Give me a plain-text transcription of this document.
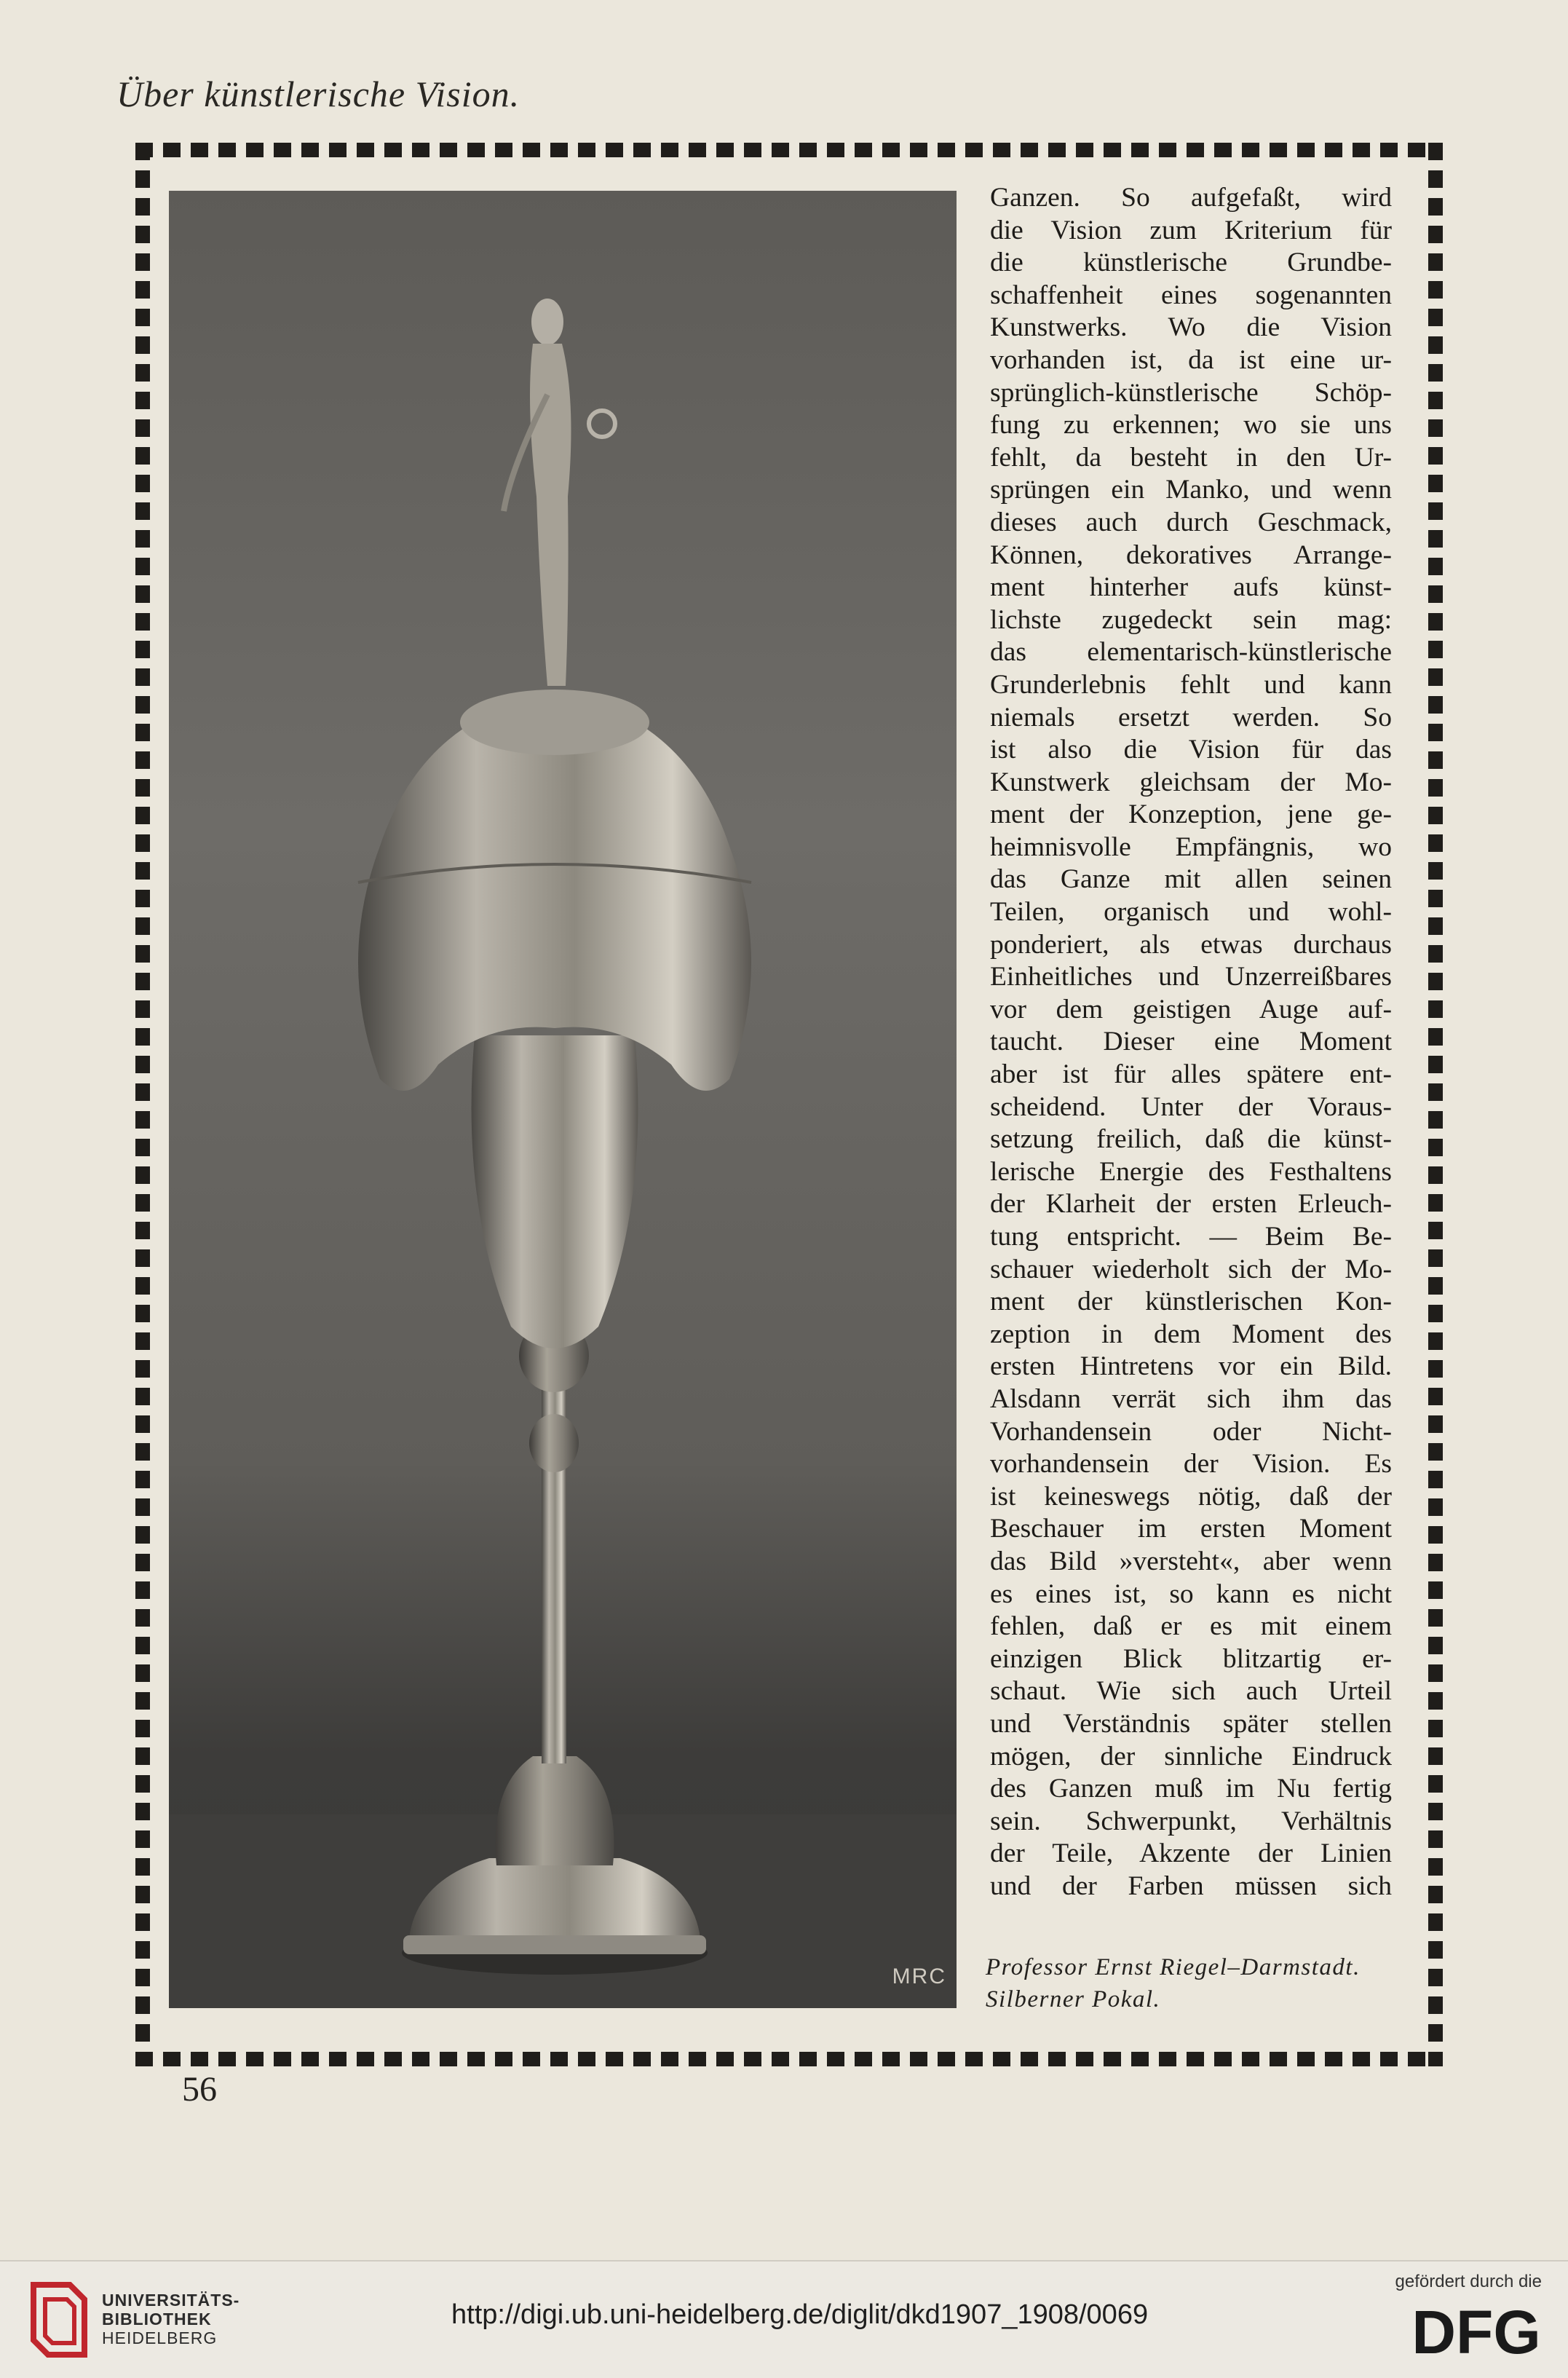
Über künstlerische Vision.
MRC
Ganzen. So aufgefaßt, wird
die Vision zum Kriterium für
die künstlerische Grundbe-
schaffenheit eines sogenannten
Kunstwerks. Wo die Vision
vorhanden ist, da ist eine ur-
sprünglich-künstlerische Schöp-
fung zu erkennen; wo sie uns
fehlt, da besteht in den Ur-
sprüngen ein Manko, und wenn
dieses auch durch Geschmack,
Können, dekoratives Arrange-
ment hinterher aufs künst-
lichste zugedeckt sein mag:
das elementarisch-künstlerische
Grunderlebnis fehlt und kann
niemals ersetzt werden. So
ist also die Vision für das
Kunstwerk gleichsam der Mo-
ment der Konzeption, jene ge-
heimnisvolle Empfängnis, wo
das Ganze mit allen seinen
Teilen, organisch und wohl-
ponderiert, als etwas durchaus
Einheitliches und Unzerreißbares
vor dem geistigen Auge auf-
taucht. Dieser eine Moment
aber ist für alles spätere ent-
scheidend. Unter der Voraus-
setzung freilich, daß die künst-
lerische Energie des Festhaltens
der Klarheit der ersten Erleuch-
tung entspricht. — Beim Be-
schauer wiederholt sich der Mo-
ment der künstlerischen Kon-
zeption in dem Moment des
ersten Hintretens vor ein Bild.
Alsdann verrät sich ihm das
Vorhandensein oder Nicht-
vorhandensein der Vision. Es
ist keineswegs nötig, daß der
Beschauer im ersten Moment
das Bild »versteht«, aber wenn
es eines ist, so kann es nicht
fehlen, daß er es mit einem
einzigen Blick blitzartig er-
schaut. Wie sich auch Urteil
und Verständnis später stellen
mögen, der sinnliche Eindruck
des Ganzen muß im Nu fertig
sein. Schwerpunkt, Verhältnis
der Teile, Akzente der Linien
und der Farben müssen sich
Professor Ernst Riegel–Darmstadt.
Silberner Pokal.
56
UNIVERSITÄTS-
BIBLIOTHEK
HEIDELBERG
http://digi.ub.uni-heidelberg.de/diglit/dkd1907_1908/0069
gefördert durch die
DFG
